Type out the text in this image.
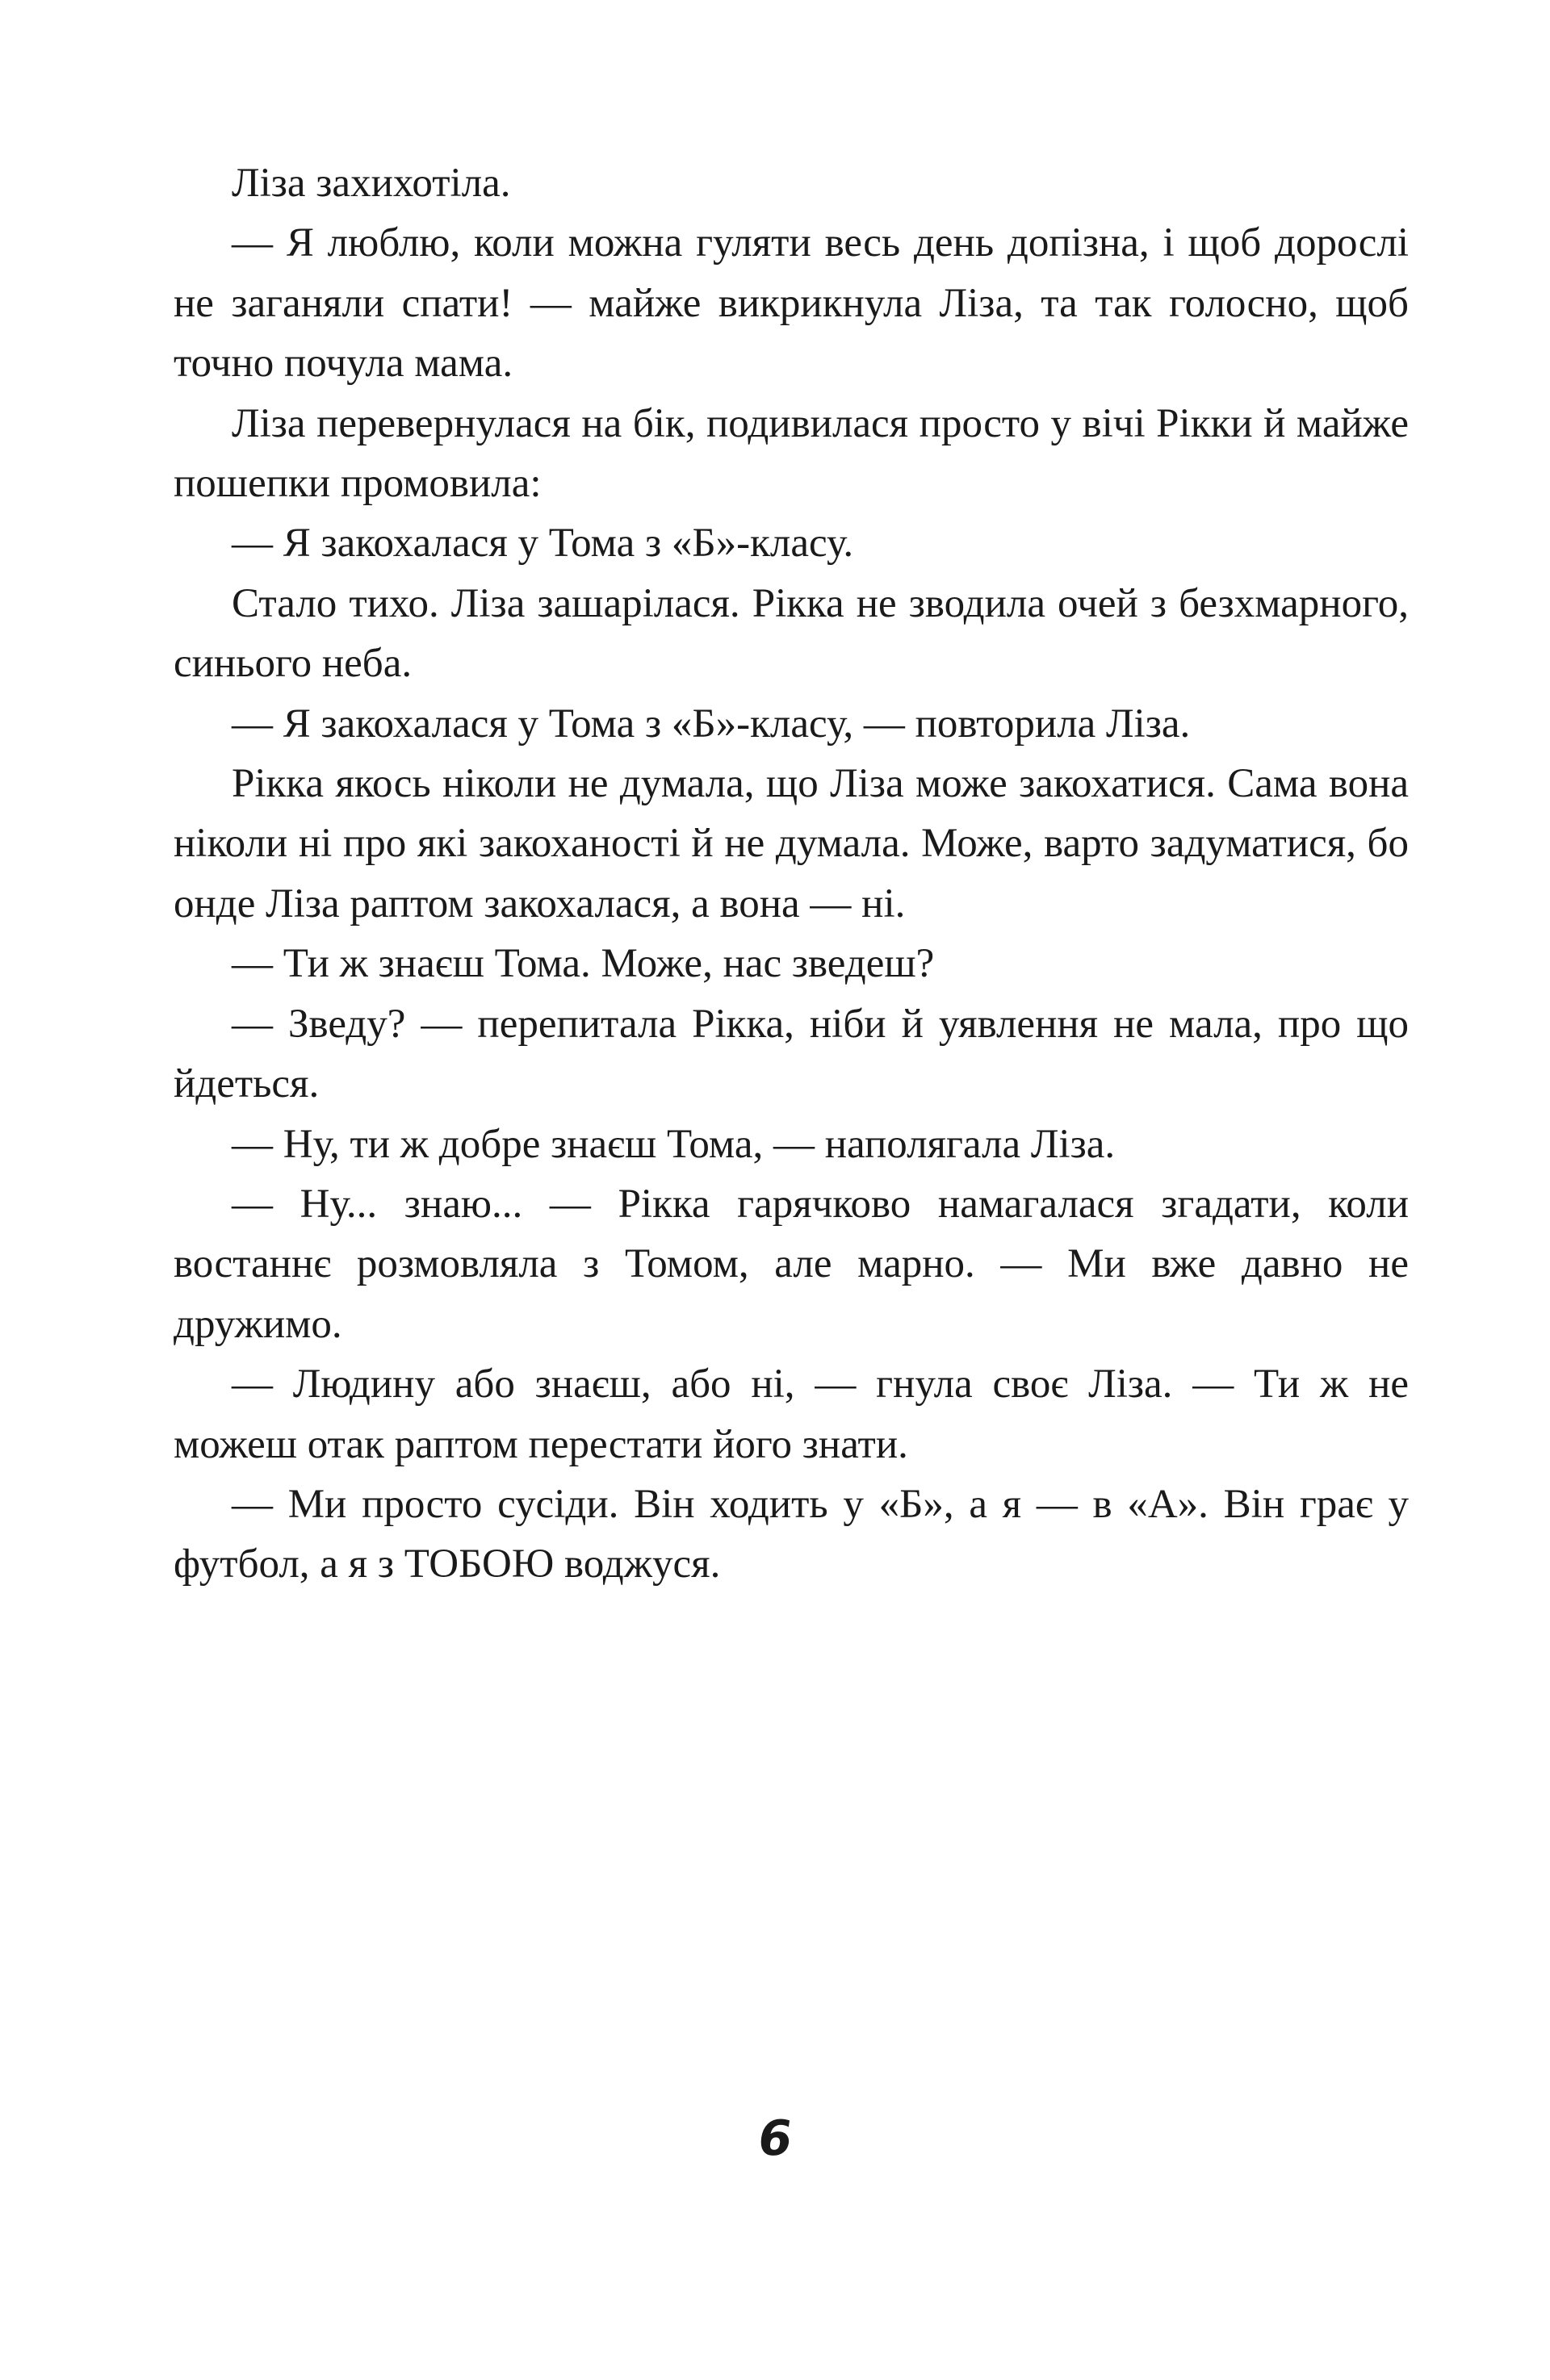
Ліза захихотіла.

— Я люблю, коли можна гуляти весь день допізна, і щоб дорослі не заганяли спати! — майже викрикнула Ліза, та так голосно, щоб точно почула мама.

Ліза перевернулася на бік, подивилася просто у вічі Рікки й майже пошепки промовила:

— Я закохалася у Тома з «Б»-класу.

Стало тихо. Ліза зашарілася. Рікка не зводила очей з безхмарного, синього неба.

— Я закохалася у Тома з «Б»-класу, — повторила Ліза.

Рікка якось ніколи не думала, що Ліза може закохатися. Сама вона ніколи ні про які закоханості й не думала. Може, варто задуматися, бо онде Ліза раптом закохалася, а вона — ні.

— Ти ж знаєш Тома. Може, нас зведеш?

— Зведу? — перепитала Рікка, ніби й уявлення не мала, про що йдеться.

— Ну, ти ж добре знаєш Тома, — наполягала Ліза.

— Ну... знаю... — Рікка гарячково намагалася згадати, коли востаннє розмовляла з Томом, але марно. — Ми вже давно не дружимо.

— Людину або знаєш, або ні, — гнула своє Ліза. — Ти ж не можеш отак раптом перестати його знати.

— Ми просто сусіди. Він ходить у «Б», а я — в «А». Він грає у футбол, а я з ТОБОЮ воджуся.

6
